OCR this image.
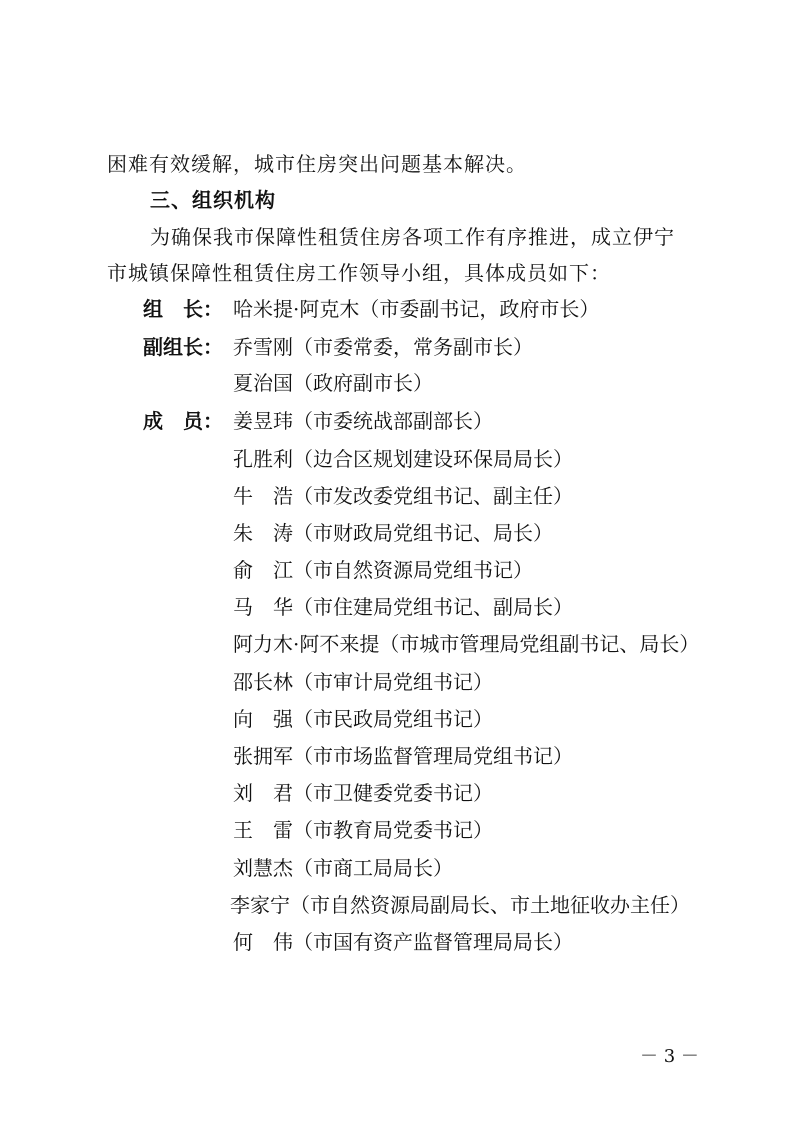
困难有效缓解，城市住房突出问题基本解决。
三、组织机构
为确保我市保障性租赁住房各项工作有序推进，成立伊宁
市城镇保障性租赁住房工作领导小组，具体成员如下：
组　长： 哈米提·阿克木（市委副书记，政府市长）
副组长： 乔雪刚（市委常委，常务副市长）
夏治国（政府副市长）
成　员： 姜昱玮（市委统战部副部长）
孔胜利（边合区规划建设环保局局长）
牛　浩（市发改委党组书记、副主任）
朱　涛（市财政局党组书记、局长）
俞　江（市自然资源局党组书记）
马　华（市住建局党组书记、副局长）
阿力木·阿不来提（市城市管理局党组副书记、局长）
邵长林（市审计局党组书记）
向　强（市民政局党组书记）
张拥军（市市场监督管理局党组书记）
刘　君（市卫健委党委书记）
王　雷（市教育局党委书记）
刘慧杰（市商工局局长）
李家宁（市自然资源局副局长、市土地征收办主任）
何　伟（市国有资产监督管理局局长）
－ 3 －
